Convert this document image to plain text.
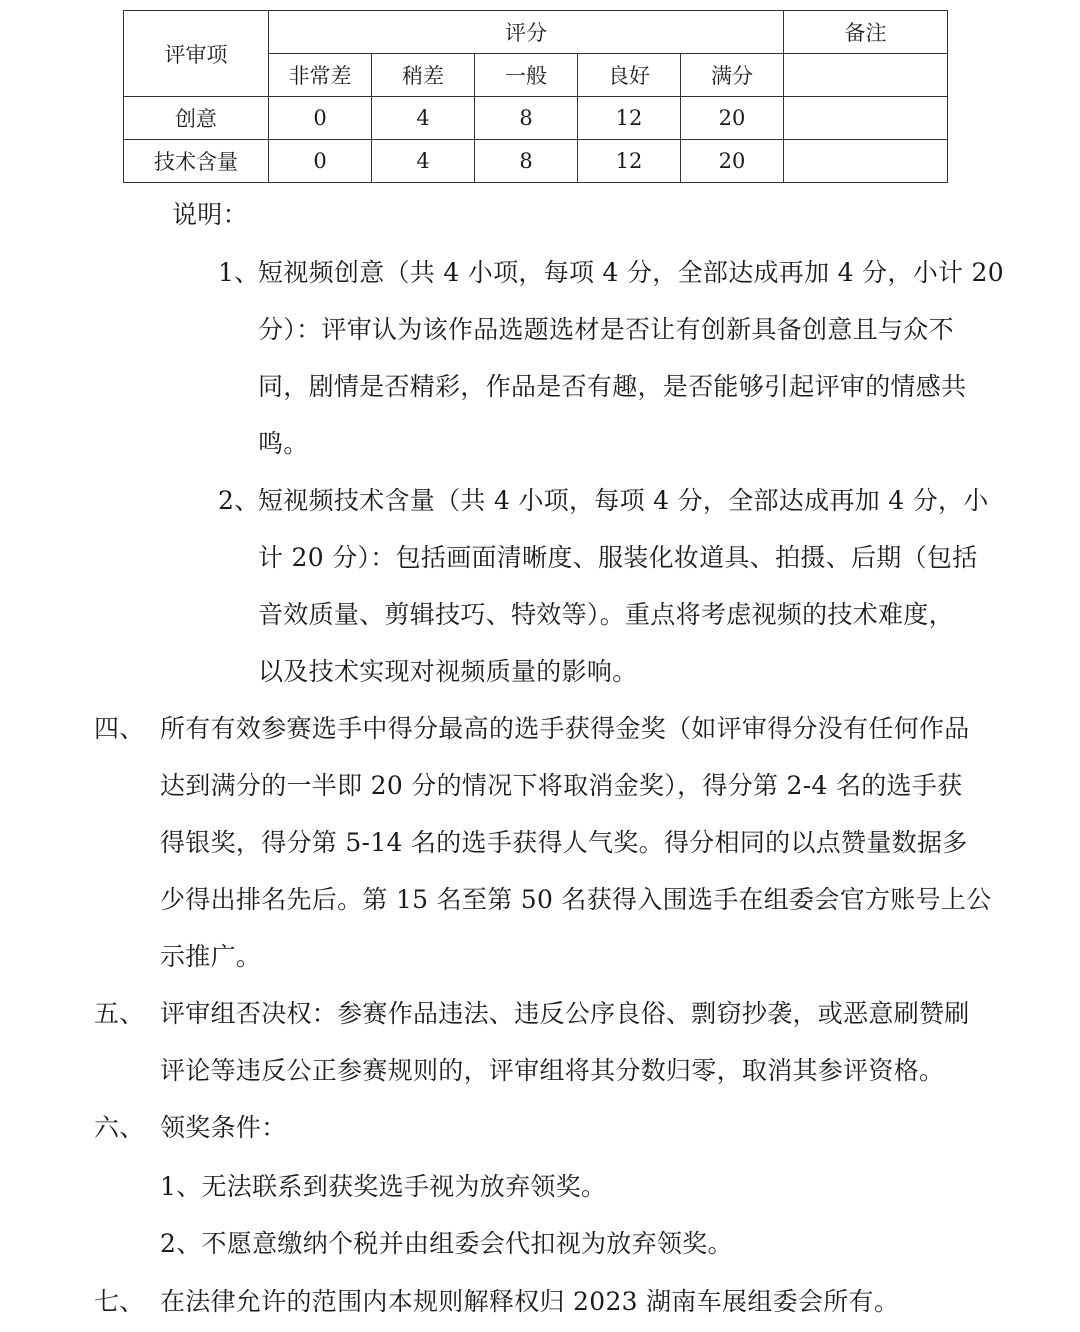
评审项	评分					备注
	非常差	稍差	一般	良好	满分	
创意	0	4	8	12	20	
技术含量	0	4	8	12	20	
说明：
1、
短视频创意（共 4 小项，每项 4 分，全部达成再加 4 分，小计 20
分）：评审认为该作品选题选材是否让有创新具备创意且与众不
同，剧情是否精彩，作品是否有趣，是否能够引起评审的情感共
鸣。
2、
短视频技术含量（共 4 小项，每项 4 分，全部达成再加 4 分，小
计 20 分）：包括画面清晰度、服装化妆道具、拍摄、后期（包括
音效质量、剪辑技巧、特效等）。重点将考虑视频的技术难度，
以及技术实现对视频质量的影响。
四、 所有有效参赛选手中得分最高的选手获得金奖（如评审得分没有任何作品
达到满分的一半即 20 分的情况下将取消金奖），得分第 2-4 名的选手获
得银奖，得分第 5-14 名的选手获得人气奖。得分相同的以点赞量数据多
少得出排名先后。第 15 名至第 50 名获得入围选手在组委会官方账号上公
示推广。
五、 评审组否决权：参赛作品违法、违反公序良俗、剽窃抄袭，或恶意刷赞刷
评论等违反公正参赛规则的，评审组将其分数归零，取消其参评资格。
六、 领奖条件：
1、无法联系到获奖选手视为放弃领奖。
2、不愿意缴纳个税并由组委会代扣视为放弃领奖。
七、 在法律允许的范围内本规则解释权归 2023 湖南车展组委会所有。
